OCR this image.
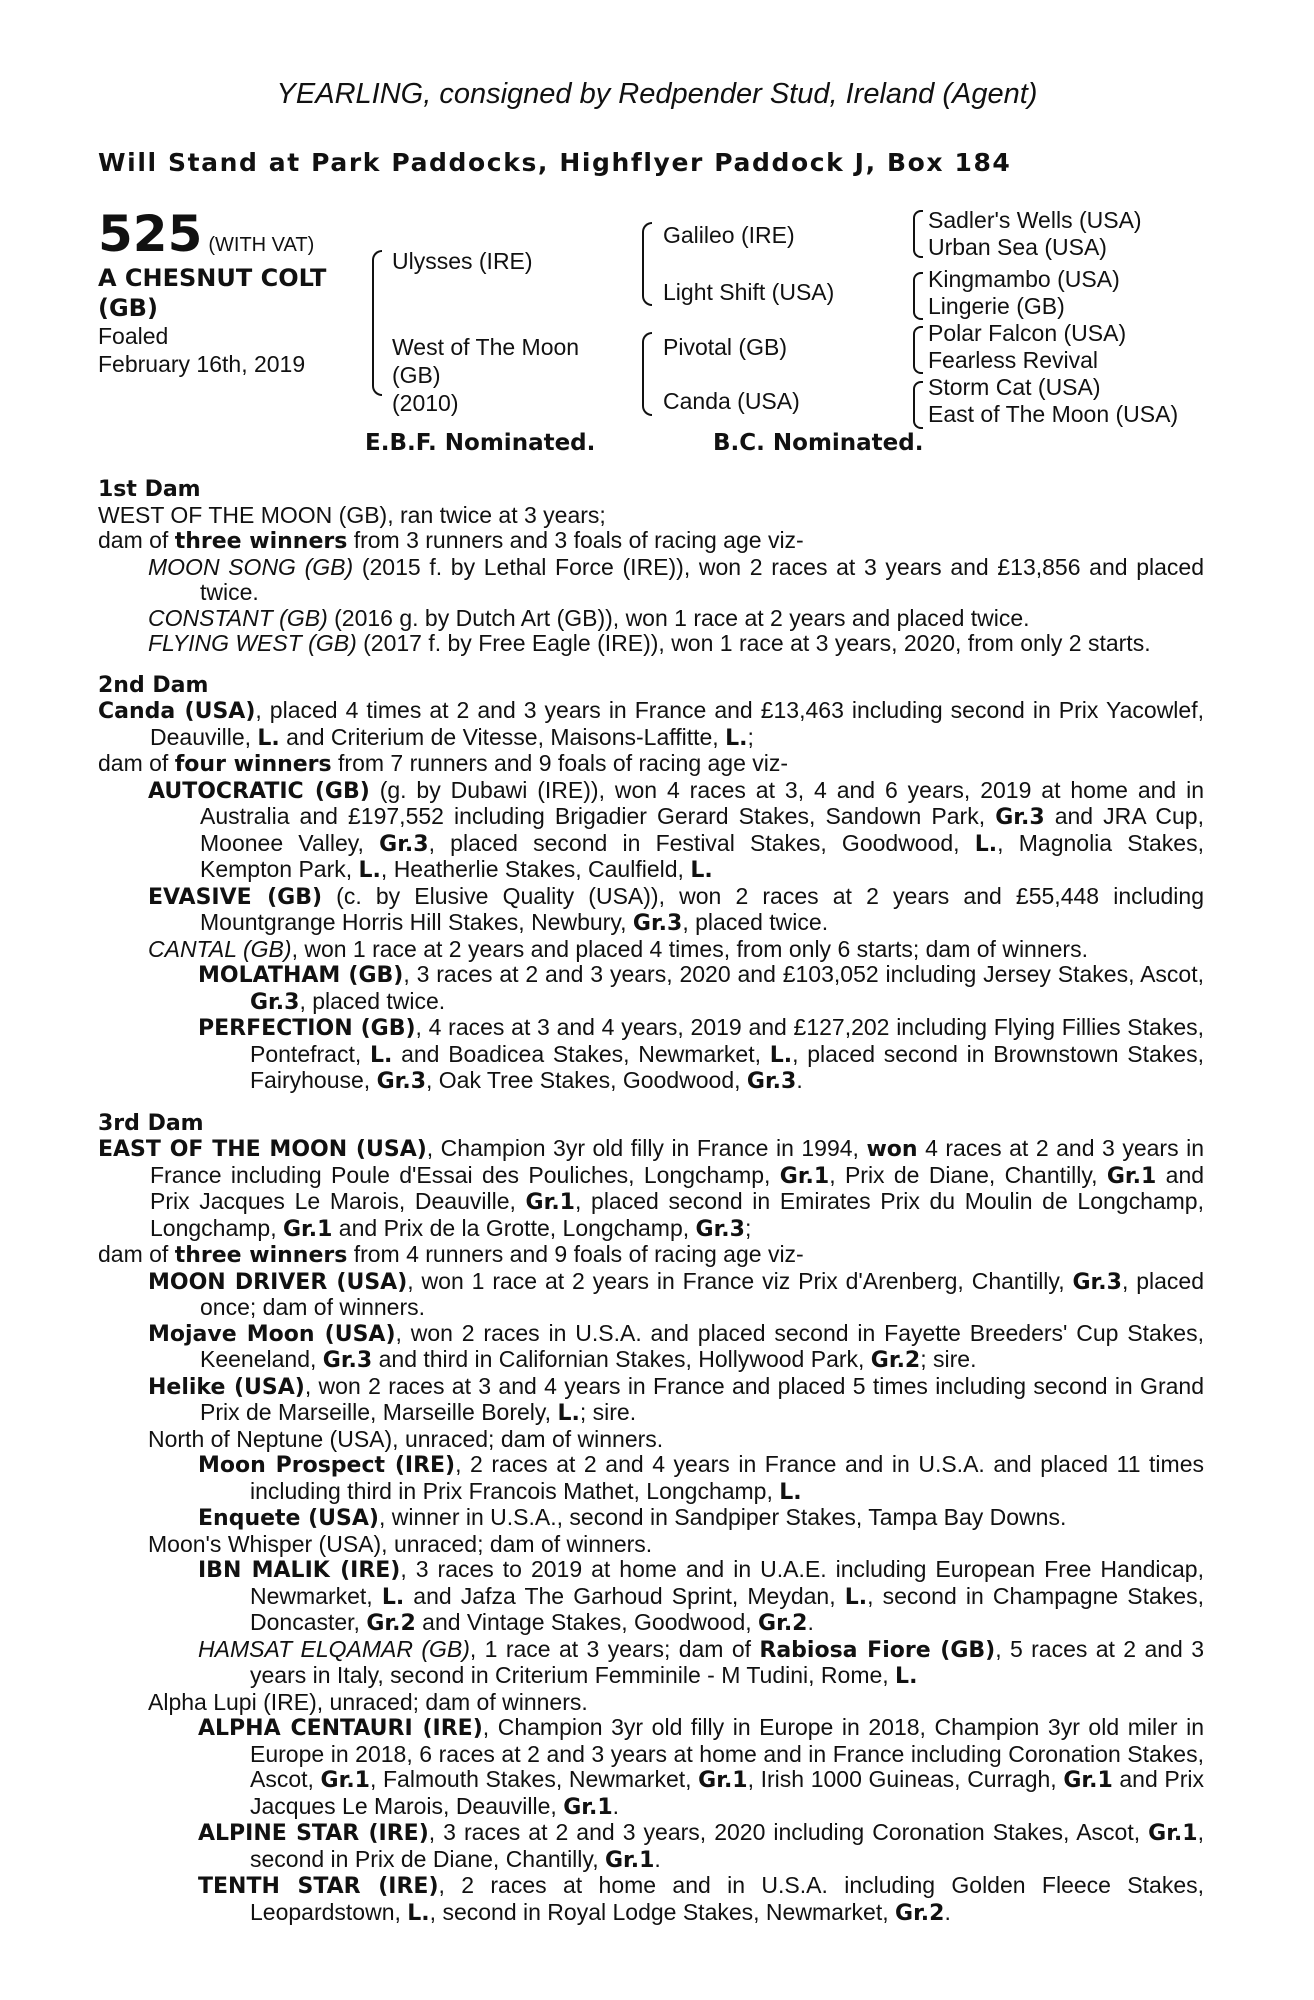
YEARLING, consigned by Redpender Stud, Ireland (Agent)
Will Stand at Park Paddocks, Highflyer Paddock J, Box 184
525 (WITH VAT)
A CHESNUT COLT (GB)
Foaled
February 16th, 2019
Ulysses (IRE)
West of The Moon
(GB)
(2010)
Galileo (IRE)
Light Shift (USA)
Pivotal (GB)
Canda (USA)
Sadler's Wells (USA)
Urban Sea (USA)
Kingmambo (USA)
Lingerie (GB)
Polar Falcon (USA)
Fearless Revival
Storm Cat (USA)
East of The Moon (USA)
E.B.F. Nominated.	B.C. Nominated.
1st Dam
WEST OF THE MOON (GB), ran twice at 3 years;
dam of three winners from 3 runners and 3 foals of racing age viz-
MOON SONG (GB) (2015 f. by Lethal Force (IRE)), won 2 races at 3 years and £13,856 and placed twice.
CONSTANT (GB) (2016 g. by Dutch Art (GB)), won 1 race at 2 years and placed twice.
FLYING WEST (GB) (2017 f. by Free Eagle (IRE)), won 1 race at 3 years, 2020, from only 2 starts.
2nd Dam
Canda (USA), placed 4 times at 2 and 3 years in France and £13,463 including second in Prix Yacowlef, Deauville, L. and Criterium de Vitesse, Maisons-Laffitte, L.;
dam of four winners from 7 runners and 9 foals of racing age viz-
AUTOCRATIC (GB) (g. by Dubawi (IRE)), won 4 races at 3, 4 and 6 years, 2019 at home and in Australia and £197,552 including Brigadier Gerard Stakes, Sandown Park, Gr.3 and JRA Cup, Moonee Valley, Gr.3, placed second in Festival Stakes, Goodwood, L., Magnolia Stakes, Kempton Park, L., Heatherlie Stakes, Caulfield, L.
EVASIVE (GB) (c. by Elusive Quality (USA)), won 2 races at 2 years and £55,448 including Mountgrange Horris Hill Stakes, Newbury, Gr.3, placed twice.
CANTAL (GB), won 1 race at 2 years and placed 4 times, from only 6 starts; dam of winners.
MOLATHAM (GB), 3 races at 2 and 3 years, 2020 and £103,052 including Jersey Stakes, Ascot, Gr.3, placed twice.
PERFECTION (GB), 4 races at 3 and 4 years, 2019 and £127,202 including Flying Fillies Stakes, Pontefract, L. and Boadicea Stakes, Newmarket, L., placed second in Brownstown Stakes, Fairyhouse, Gr.3, Oak Tree Stakes, Goodwood, Gr.3.
3rd Dam
EAST OF THE MOON (USA), Champion 3yr old filly in France in 1994, won 4 races at 2 and 3 years in France including Poule d'Essai des Pouliches, Longchamp, Gr.1, Prix de Diane, Chantilly, Gr.1 and Prix Jacques Le Marois, Deauville, Gr.1, placed second in Emirates Prix du Moulin de Longchamp, Longchamp, Gr.1 and Prix de la Grotte, Longchamp, Gr.3;
dam of three winners from 4 runners and 9 foals of racing age viz-
MOON DRIVER (USA), won 1 race at 2 years in France viz Prix d'Arenberg, Chantilly, Gr.3, placed once; dam of winners.
Mojave Moon (USA), won 2 races in U.S.A. and placed second in Fayette Breeders' Cup Stakes, Keeneland, Gr.3 and third in Californian Stakes, Hollywood Park, Gr.2; sire.
Helike (USA), won 2 races at 3 and 4 years in France and placed 5 times including second in Grand Prix de Marseille, Marseille Borely, L.; sire.
North of Neptune (USA), unraced; dam of winners.
Moon Prospect (IRE), 2 races at 2 and 4 years in France and in U.S.A. and placed 11 times including third in Prix Francois Mathet, Longchamp, L.
Enquete (USA), winner in U.S.A., second in Sandpiper Stakes, Tampa Bay Downs.
Moon's Whisper (USA), unraced; dam of winners.
IBN MALIK (IRE), 3 races to 2019 at home and in U.A.E. including European Free Handicap, Newmarket, L. and Jafza The Garhoud Sprint, Meydan, L., second in Champagne Stakes, Doncaster, Gr.2 and Vintage Stakes, Goodwood, Gr.2.
HAMSAT ELQAMAR (GB), 1 race at 3 years; dam of Rabiosa Fiore (GB), 5 races at 2 and 3 years in Italy, second in Criterium Femminile - M Tudini, Rome, L.
Alpha Lupi (IRE), unraced; dam of winners.
ALPHA CENTAURI (IRE), Champion 3yr old filly in Europe in 2018, Champion 3yr old miler in Europe in 2018, 6 races at 2 and 3 years at home and in France including Coronation Stakes, Ascot, Gr.1, Falmouth Stakes, Newmarket, Gr.1, Irish 1000 Guineas, Curragh, Gr.1 and Prix Jacques Le Marois, Deauville, Gr.1.
ALPINE STAR (IRE), 3 races at 2 and 3 years, 2020 including Coronation Stakes, Ascot, Gr.1, second in Prix de Diane, Chantilly, Gr.1.
TENTH STAR (IRE), 2 races at home and in U.S.A. including Golden Fleece Stakes, Leopardstown, L., second in Royal Lodge Stakes, Newmarket, Gr.2.
